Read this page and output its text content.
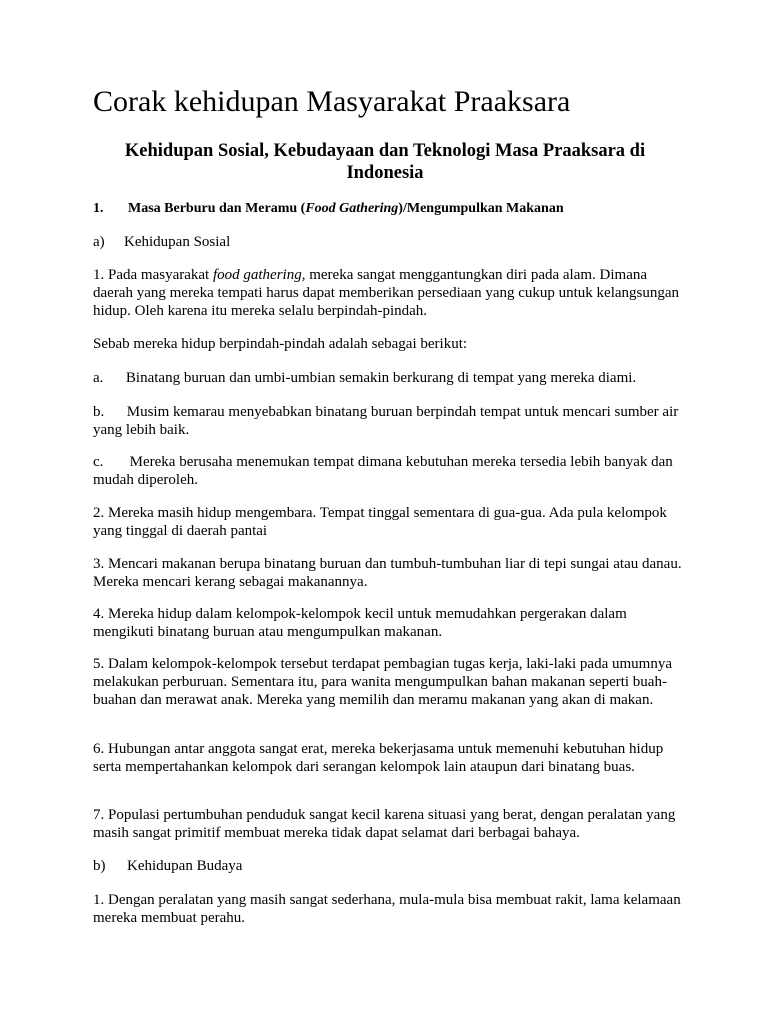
Corak kehidupan Masyarakat Praaksara
Kehidupan Sosial, Kebudayaan dan Teknologi Masa Praaksara di Indonesia

1. Masa Berburu dan Meramu (Food Gathering)/Mengumpulkan Makanan

a) Kehidupan Sosial

1. Pada masyarakat food gathering, mereka sangat menggantungkan diri pada alam. Dimana daerah yang mereka tempati harus dapat memberikan persediaan yang cukup untuk kelangsungan hidup. Oleh karena itu mereka selalu berpindah-pindah.

Sebab mereka hidup berpindah-pindah adalah sebagai berikut:

a.      Binatang buruan dan umbi-umbian semakin berkurang di tempat yang mereka diami.

b.      Musim kemarau menyebabkan binatang buruan berpindah tempat untuk mencari sumber air yang lebih baik.

c.       Mereka berusaha menemukan tempat dimana kebutuhan mereka tersedia lebih banyak dan mudah diperoleh.

2. Mereka masih hidup mengembara. Tempat tinggal sementara di gua-gua. Ada pula kelompok yang tinggal di daerah pantai

3. Mencari makanan berupa binatang buruan dan tumbuh-tumbuhan liar di tepi sungai atau danau. Mereka mencari kerang sebagai makanannya.

4. Mereka hidup dalam kelompok-kelompok kecil untuk memudahkan pergerakan dalam mengikuti binatang buruan atau mengumpulkan makanan.

5. Dalam kelompok-kelompok tersebut terdapat pembagian tugas kerja, laki-laki pada umumnya melakukan perburuan. Sementara itu, para wanita mengumpulkan bahan makanan seperti buah-buahan dan merawat anak. Mereka yang memilih dan meramu makanan yang akan di makan.

6. Hubungan antar anggota sangat erat, mereka bekerjasama untuk memenuhi kebutuhan hidup serta mempertahankan kelompok dari serangan kelompok lain ataupun dari binatang buas.

7. Populasi pertumbuhan penduduk sangat kecil karena situasi yang berat, dengan peralatan yang masih sangat primitif membuat mereka tidak dapat selamat dari berbagai bahaya.

b) Kehidupan Budaya

1. Dengan peralatan yang masih sangat sederhana, mula-mula bisa membuat rakit, lama kelamaan mereka membuat perahu.
